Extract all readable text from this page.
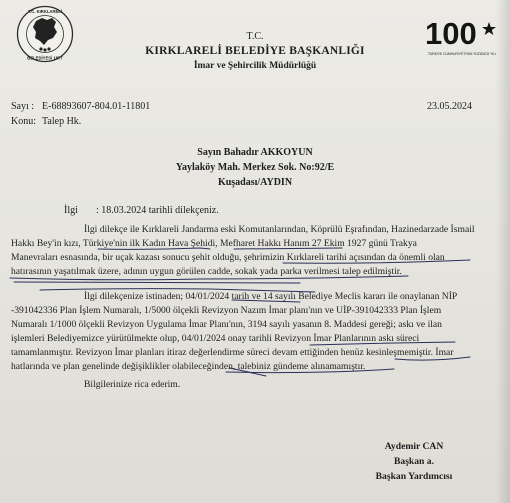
T.C. KIRKLARELİ
BELEDİYESİ 1877
100
TÜRKİYE CUMHURİYETİ'NİN YÜZÜNCÜ YILI
T.C.
KIRKLARELİ BELEDİYE BAŞKANLIĞI
İmar ve Şehircilik Müdürlüğü
Sayı : E-68893607-804.01-11801	23.05.2024
Konu: Talep Hk.
Sayın Bahadır AKKOYUN
Yaylaköy Mah. Merkez Sok. No:92/E
Kuşadası/AYDIN
İlgi : 18.03.2024 tarihli dilekçeniz.
İlgi dilekçe ile Kırklareli Jandarma eski Komutanlarından, Köprülü Eşrafından, Hazinedarzade İsmail
Hakkı Bey'in kızı, Türkiye'nin ilk Kadın Hava Şehidi, Mefharet Hakkı Hanım 27 Ekim 1927 günü Trakya
Manevraları esnasında, bir uçak kazası sonucu şehit olduğu, şehrimizin Kırklareli tarihi açısından da önemli olan
hatırasının yaşatılmak üzere, adının uygun görülen cadde, sokak yada parka verilmesi talep edilmiştir.
İlgi dilekçenize istinaden; 04/01/2024 tarih ve 14 sayılı Belediye Meclis kararı ile onaylanan NİP
-391042336 Plan İşlem Numaralı, 1/5000 ölçekli Revizyon Nazım İmar planı'nın ve UİP-391042333 Plan İşlem
Numaralı 1/1000 ölçekli Revizyon Uygulama İmar Planı'nın, 3194 sayılı yasanın 8. Maddesi gereği; askı ve ilan
işlemleri Belediyemizce yürütülmekte olup, 04/01/2024 onay tarihli Revizyon İmar Planlarının askı süreci
tamamlanmıştır. Revizyon İmar planları itiraz değerlendirme süreci devam ettiğinden henüz kesinleşmemiştir. İmar
hatlarında ve plan genelinde değişiklikler olabileceğinden, talebiniz gündeme alınamamıştır.
Bilgilerinize rica ederim.
Aydemir CAN
Başkan a.
Başkan Yardımcısı
